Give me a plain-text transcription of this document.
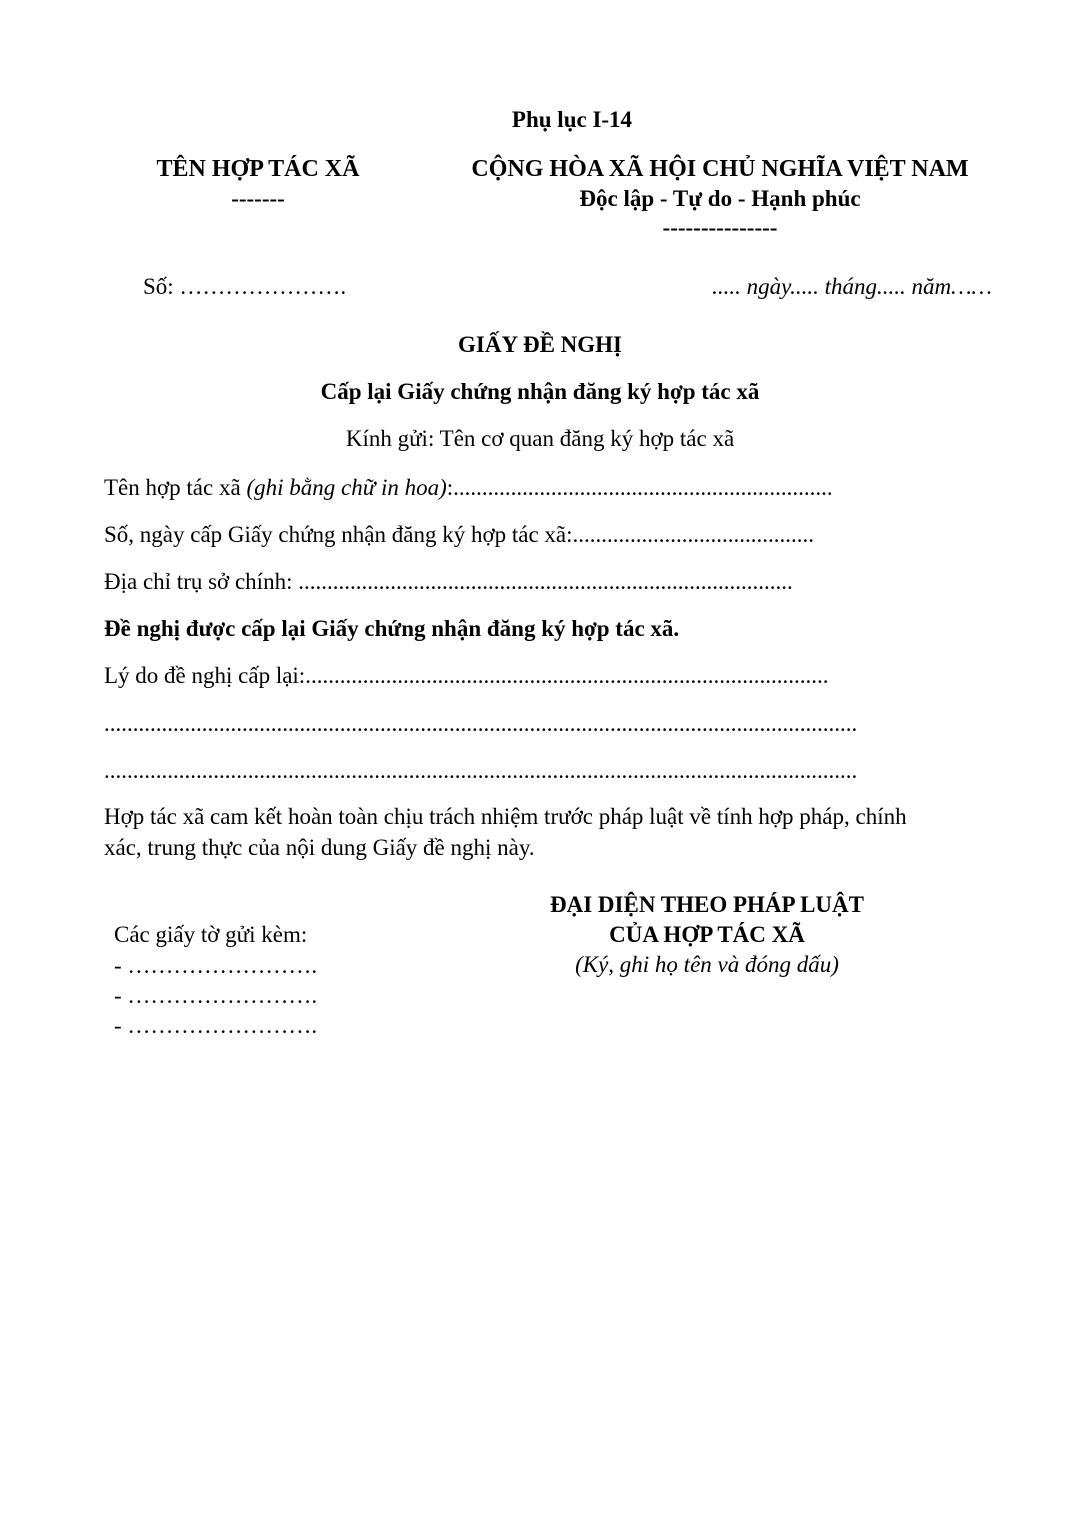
Phụ lục I-14
TÊN HỢP TÁC XÃ
-------
CỘNG HÒA XÃ HỘI CHỦ NGHĨA VIỆT NAM
Độc lập - Tự do - Hạnh phúc
---------------
Số: ………………….	..... ngày..... tháng..... năm……
GIẤY ĐỀ NGHỊ
Cấp lại Giấy chứng nhận đăng ký hợp tác xã
Kính gửi: Tên cơ quan đăng ký hợp tác xã
Tên hợp tác xã (ghi bằng chữ in hoa):..................................................................
Số, ngày cấp Giấy chứng nhận đăng ký hợp tác xã:..........................................
Địa chỉ trụ sở chính: ......................................................................................
Đề nghị được cấp lại Giấy chứng nhận đăng ký hợp tác xã.
Lý do đề nghị cấp lại:...........................................................................................
...................................................................................................................................
...................................................................................................................................
Hợp tác xã cam kết hoàn toàn chịu trách nhiệm trước pháp luật về tính hợp pháp, chính
xác, trung thực của nội dung Giấy đề nghị này.
Các giấy tờ gửi kèm:
- …………………….
- …………………….
- …………………….
ĐẠI DIỆN THEO PHÁP LUẬT
CỦA HỢP TÁC XÃ
(Ký, ghi họ tên và đóng dấu)
